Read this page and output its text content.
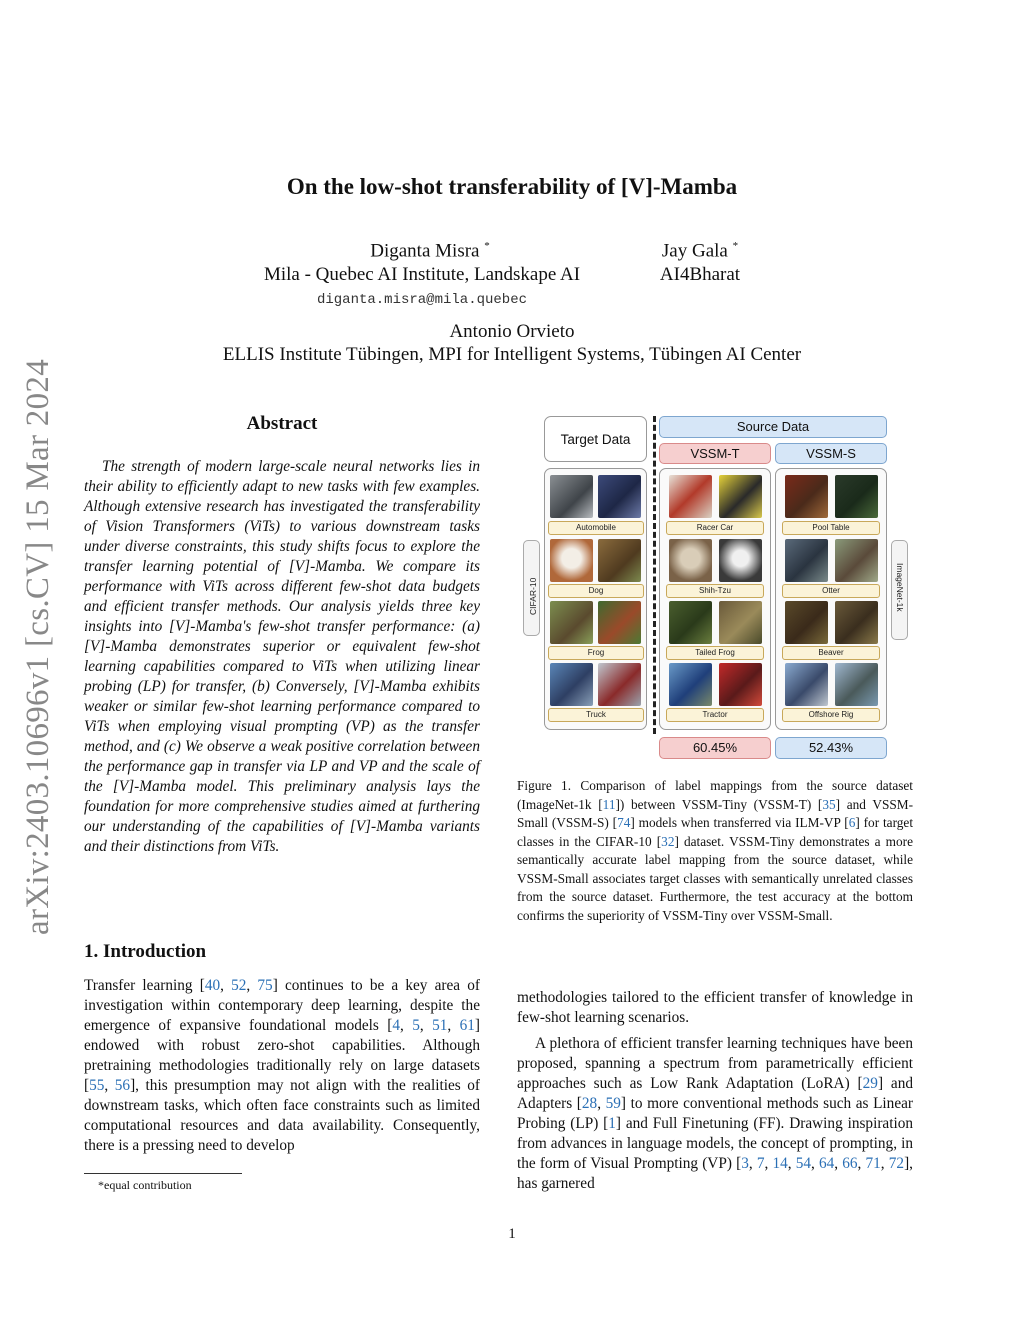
arXiv:2403.10696v1 [cs.CV] 15 Mar 2024
On the low-shot transferability of [V]-Mamba
Diganta Misra *
Mila - Quebec AI Institute, Landskape AI
diganta.misra@mila.quebec
Jay Gala *
AI4Bharat
Antonio Orvieto
ELLIS Institute Tübingen, MPI for Intelligent Systems, Tübingen AI Center
Abstract
The strength of modern large-scale neural networks lies in their ability to efficiently adapt to new tasks with few examples. Although extensive research has investigated the transferability of Vision Transformers (ViTs) to various downstream tasks under diverse constraints, this study shifts focus to explore the transfer learning potential of [V]-Mamba. We compare its performance with ViTs across different few-shot data budgets and efficient transfer methods. Our analysis yields three key insights into [V]-Mamba's few-shot transfer performance: (a) [V]-Mamba demonstrates superior or equivalent few-shot learning capabilities compared to ViTs when utilizing linear probing (LP) for transfer, (b) Conversely, [V]-Mamba exhibits weaker or similar few-shot learning performance compared to ViTs when employing visual prompting (VP) as the transfer method, and (c) We observe a weak positive correlation between the performance gap in transfer via LP and VP and the scale of the [V]-Mamba model. This preliminary analysis lays the foundation for more comprehensive studies aimed at furthering our understanding of the capabilities of [V]-Mamba variants and their distinctions from ViTs.
1. Introduction
Transfer learning [40, 52, 75] continues to be a key area of investigation within contemporary deep learning, despite the emergence of expansive foundational models [4, 5, 51, 61] endowed with robust zero-shot capabilities. Although pretraining methodologies traditionally rely on large datasets [55, 56], this presumption may not align with the realities of downstream tasks, which often face constraints such as limited computational resources and data availability. Consequently, there is a pressing need to develop
*equal contribution
1
Target Data
Source Data
VSSM-T	VSSM-S
CIFAR-10	ImageNet-1k
Automobile
Dog
Frog
Truck
Racer Car
Shih-Tzu
Tailed Frog
Tractor
Pool Table
Otter
Beaver
Offshore Rig
60.45%	52.43%
Figure 1. Comparison of label mappings from the source dataset (ImageNet-1k [11]) between VSSM-Tiny (VSSM-T) [35] and VSSM-Small (VSSM-S) [74] models when transferred via ILM-VP [6] for target classes in the CIFAR-10 [32] dataset. VSSM-Tiny demonstrates a more semantically accurate label mapping from the source dataset, while VSSM-Small associates target classes with semantically unrelated classes from the source dataset. Furthermore, the test accuracy at the bottom confirms the superiority of VSSM-Tiny over VSSM-Small.
methodologies tailored to the efficient transfer of knowledge in few-shot learning scenarios.
A plethora of efficient transfer learning techniques have been proposed, spanning a spectrum from parametrically efficient approaches such as Low Rank Adaptation (LoRA) [29] and Adapters [28, 59] to more conventional methods such as Linear Probing (LP) [1] and Full Finetuning (FF). Drawing inspiration from advances in language models, the concept of prompting, in the form of Visual Prompting (VP) [3, 7, 14, 54, 64, 66, 71, 72], has garnered
